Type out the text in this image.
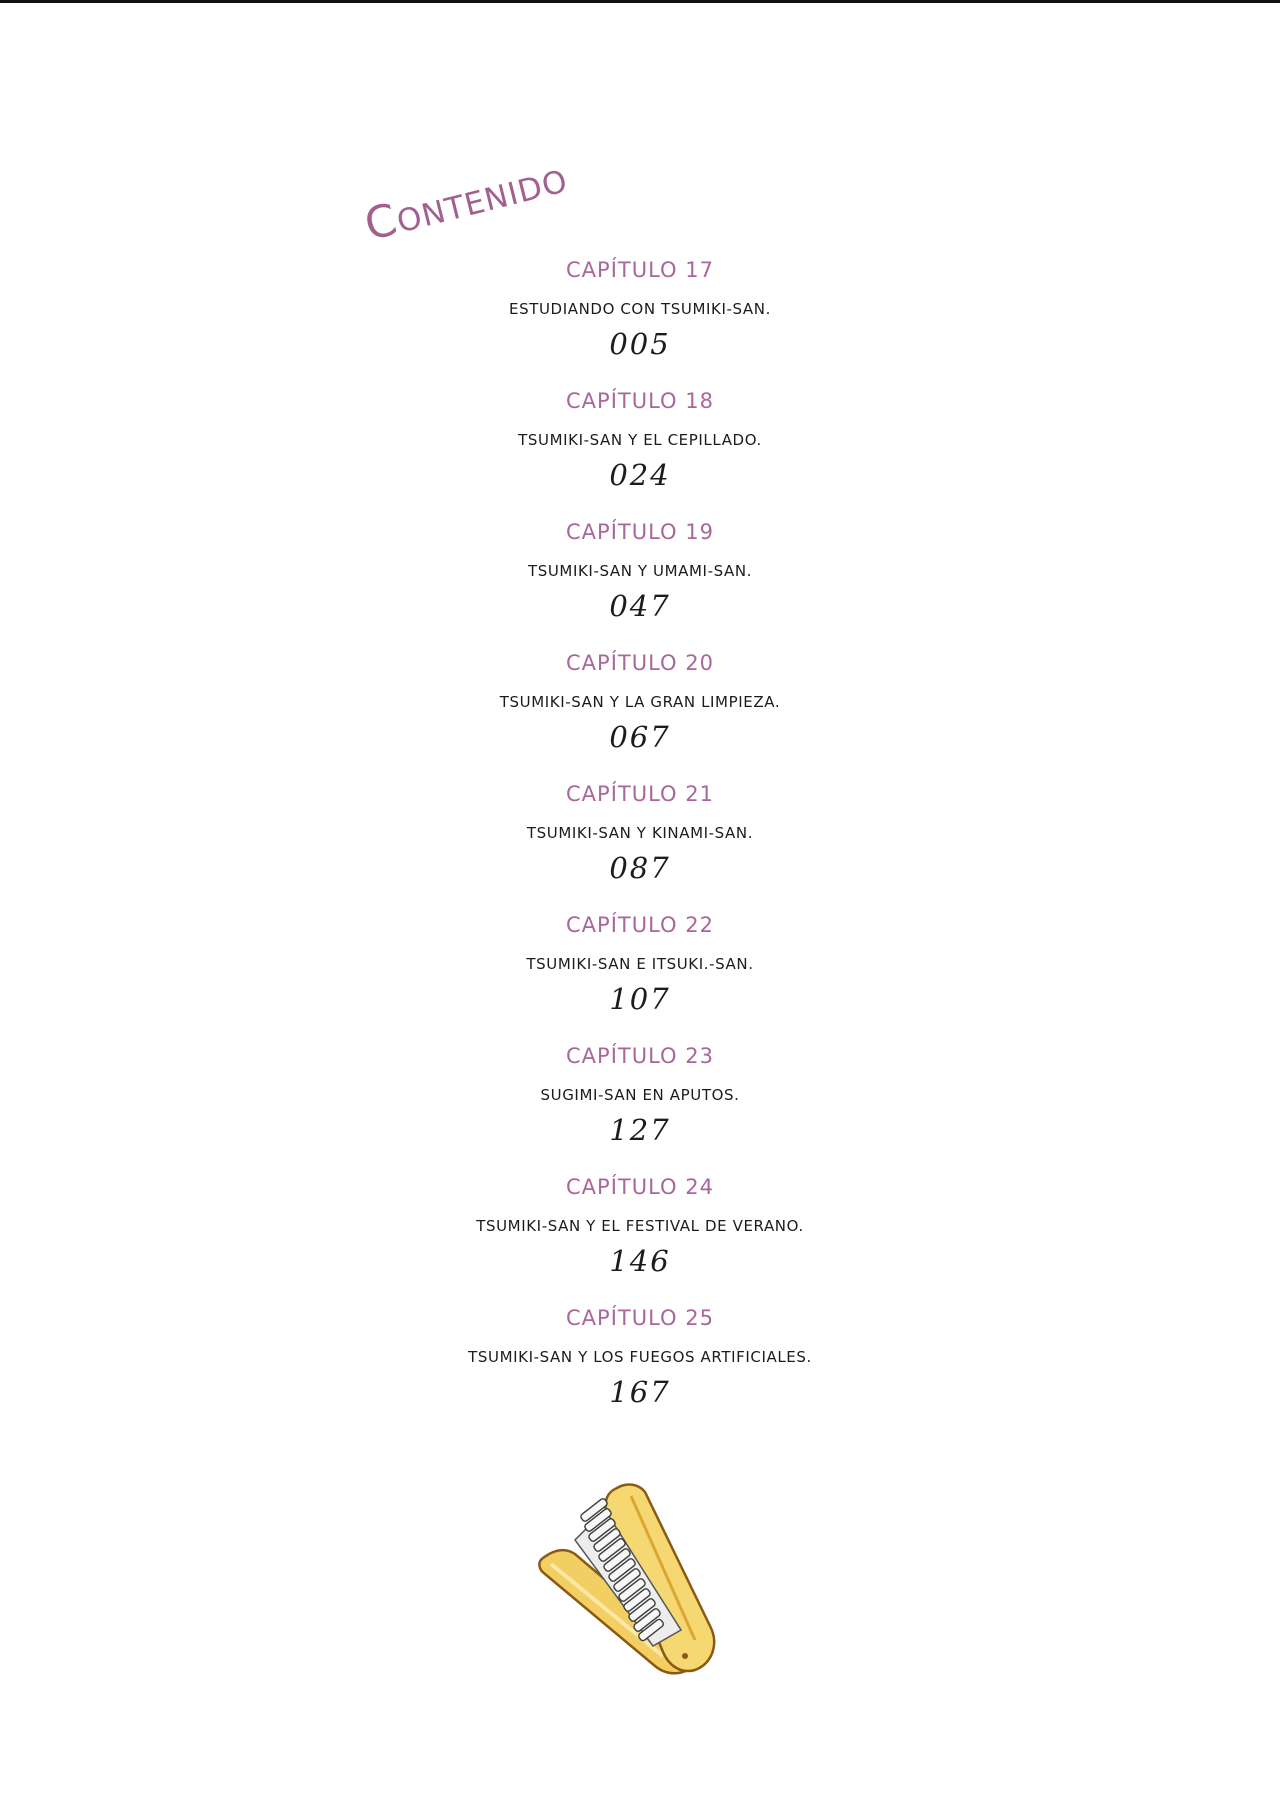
Contenido
CAPÍTULO 17
ESTUDIANDO CON TSUMIKI-SAN.
005
CAPÍTULO 18
TSUMIKI-SAN Y EL CEPILLADO.
024
CAPÍTULO 19
TSUMIKI-SAN Y UMAMI-SAN.
047
CAPÍTULO 20
TSUMIKI-SAN Y LA GRAN LIMPIEZA.
067
CAPÍTULO 21
TSUMIKI-SAN Y KINAMI-SAN.
087
CAPÍTULO 22
TSUMIKI-SAN E ITSUKI.-SAN.
107
CAPÍTULO 23
SUGIMI-SAN EN APUTOS.
127
CAPÍTULO 24
TSUMIKI-SAN Y EL FESTIVAL DE VERANO.
146
CAPÍTULO 25
TSUMIKI-SAN Y LOS FUEGOS ARTIFICIALES.
167
